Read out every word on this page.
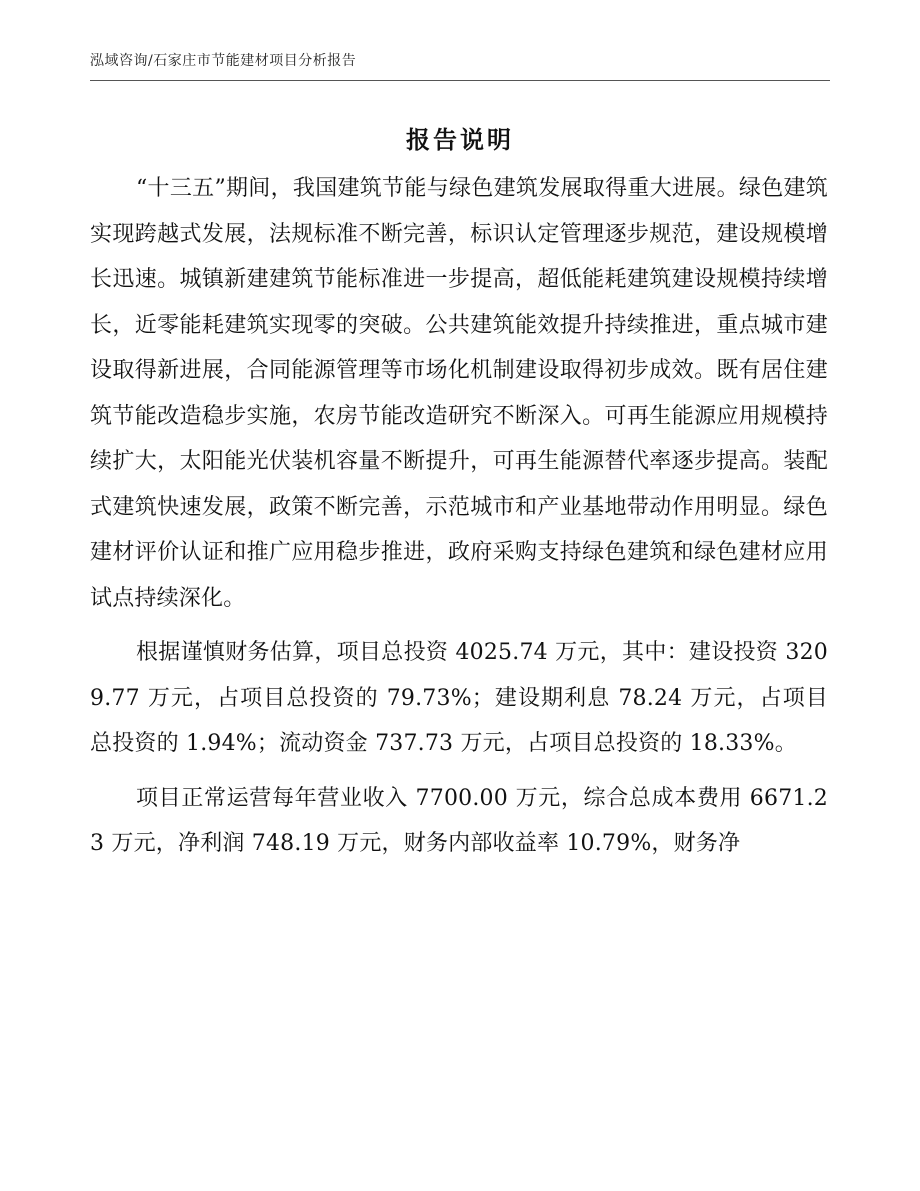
泓域咨询/石家庄市节能建材项目分析报告
报告说明

“十三五”期间，我国建筑节能与绿色建筑发展取得重大进展。绿色建筑实现跨越式发展，法规标准不断完善，标识认定管理逐步规范，建设规模增长迅速。城镇新建建筑节能标准进一步提高，超低能耗建筑建设规模持续增长，近零能耗建筑实现零的突破。公共建筑能效提升持续推进，重点城市建设取得新进展，合同能源管理等市场化机制建设取得初步成效。既有居住建筑节能改造稳步实施，农房节能改造研究不断深入。可再生能源应用规模持续扩大，太阳能光伏装机容量不断提升，可再生能源替代率逐步提高。装配式建筑快速发展，政策不断完善，示范城市和产业基地带动作用明显。绿色建材评价认证和推广应用稳步推进，政府采购支持绿色建筑和绿色建材应用试点持续深化。

根据谨慎财务估算，项目总投资 4025.74 万元，其中：建设投资 3209.77 万元，占项目总投资的 79.73%；建设期利息 78.24 万元，占项目总投资的 1.94%；流动资金 737.73 万元，占项目总投资的 18.33%。

项目正常运营每年营业收入 7700.00 万元，综合总成本费用 6671.23 万元，净利润 748.19 万元，财务内部收益率 10.79%，财务净
